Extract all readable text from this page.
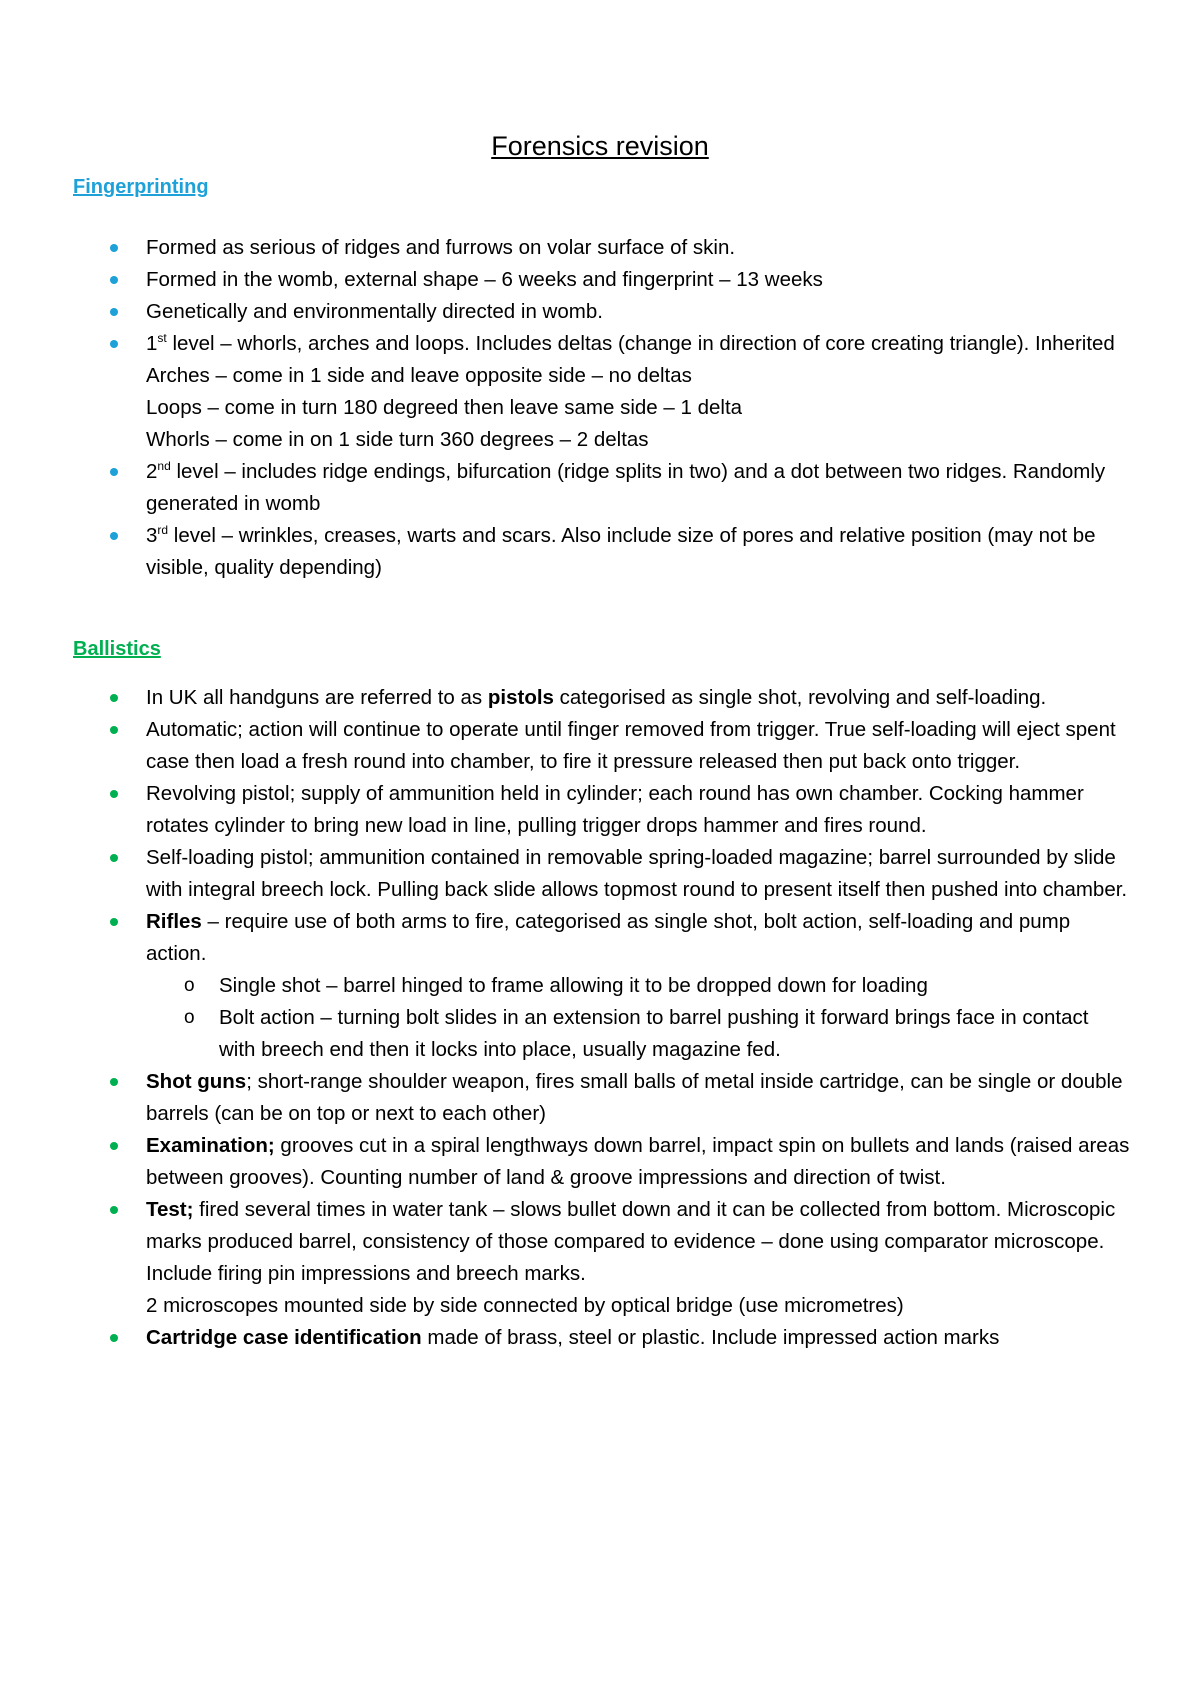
Forensics revision
Fingerprinting
Formed as serious of ridges and furrows on volar surface of skin.
Formed in the womb, external shape – 6 weeks and fingerprint – 13 weeks
Genetically and environmentally directed in womb.
1st level – whorls, arches and loops. Includes deltas (change in direction of core creating triangle). Inherited
Arches – come in 1 side and leave opposite side – no deltas
Loops – come in turn 180 degreed then leave same side – 1 delta
Whorls – come in on 1 side turn 360 degrees – 2 deltas
2nd level – includes ridge endings, bifurcation (ridge splits in two) and a dot between two ridges. Randomly generated in womb
3rd level – wrinkles, creases, warts and scars. Also include size of pores and relative position (may not be visible, quality depending)
Ballistics
In UK all handguns are referred to as pistols categorised as single shot, revolving and self-loading.
Automatic; action will continue to operate until finger removed from trigger. True self-loading will eject spent case then load a fresh round into chamber, to fire it pressure released then put back onto trigger.
Revolving pistol; supply of ammunition held in cylinder; each round has own chamber. Cocking hammer rotates cylinder to bring new load in line, pulling trigger drops hammer and fires round.
Self-loading pistol; ammunition contained in removable spring-loaded magazine; barrel surrounded by slide with integral breech lock. Pulling back slide allows topmost round to present itself then pushed into chamber.
Rifles – require use of both arms to fire, categorised as single shot, bolt action, self-loading and pump action.
o Single shot – barrel hinged to frame allowing it to be dropped down for loading
o Bolt action – turning bolt slides in an extension to barrel pushing it forward brings face in contact with breech end then it locks into place, usually magazine fed.
Shot guns; short-range shoulder weapon, fires small balls of metal inside cartridge, can be single or double barrels (can be on top or next to each other)
Examination; grooves cut in a spiral lengthways down barrel, impact spin on bullets and lands (raised areas between grooves). Counting number of land & groove impressions and direction of twist.
Test; fired several times in water tank – slows bullet down and it can be collected from bottom. Microscopic marks produced barrel, consistency of those compared to evidence – done using comparator microscope. Include firing pin impressions and breech marks.
2 microscopes mounted side by side connected by optical bridge (use micrometres)
Cartridge case identification made of brass, steel or plastic. Include impressed action marks
